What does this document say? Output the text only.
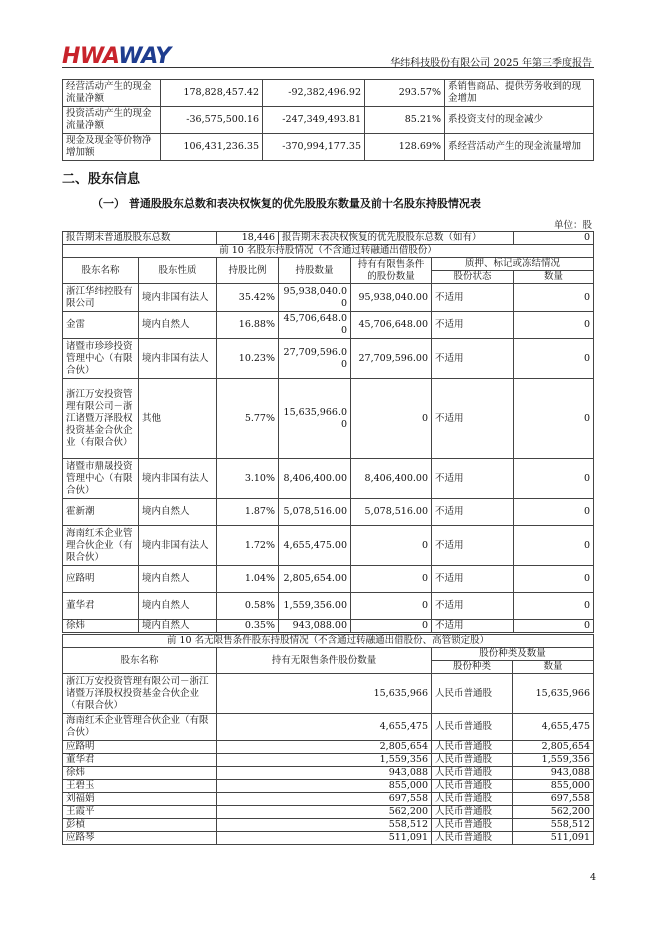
HWAWAY	华纬科技股份有限公司 2025 年第三季度报告
经营活动产生的现金流量净额	178,828,457.42	-92,382,496.92	293.57%	系销售商品、提供劳务收到的现金增加
投资活动产生的现金流量净额	-36,575,500.16	-247,349,493.81	85.21%	系投资支付的现金减少
现金及现金等价物净增加额	106,431,236.35	-370,994,177.35	128.69%	系经营活动产生的现金流量增加
二、股东信息
（一） 普通股股东总数和表决权恢复的优先股股东数量及前十名股东持股情况表
单位：股
报告期末普通股股东总数		18,446	报告期末表决权恢复的优先股股东总数（如有）			0
前 10 名股东持股情况（不含通过转融通出借股份）						
股东名称	股东性质	持股比例	持股数量	持有有限售条件的股份数量	质押、标记或冻结情况	
					股份状态	数量
浙江华纬控股有限公司	境内非国有法人	35.42%	95,938,040.00	95,938,040.00	不适用	0
金雷	境内自然人	16.88%	45,706,648.00	45,706,648.00	不适用	0
诸暨市珍珍投资管理中心（有限合伙）	境内非国有法人	10.23%	27,709,596.00	27,709,596.00	不适用	0
浙江万安投资管理有限公司－浙江诸暨万泽股权投资基金合伙企业（有限合伙）	其他	5.77%	15,635,966.00	0	不适用	0
诸暨市鼎晟投资管理中心（有限合伙）	境内非国有法人	3.10%	8,406,400.00	8,406,400.00	不适用	0
霍新潮	境内自然人	1.87%	5,078,516.00	5,078,516.00	不适用	0
海南红禾企业管理合伙企业（有限合伙）	境内非国有法人	1.72%	4,655,475.00	0	不适用	0
应路明	境内自然人	1.04%	2,805,654.00	0	不适用	0
董华君	境内自然人	0.58%	1,559,356.00	0	不适用	0
徐炜	境内自然人	0.35%	943,088.00	0	不适用	0
前 10 名无限售条件股东持股情况（不含通过转融通出借股份、高管锁定股）			
股东名称	持有无限售条件股份数量	股份种类及数量	
		股份种类	数量
浙江万安投资管理有限公司－浙江诸暨万泽股权投资基金合伙企业（有限合伙）	15,635,966	人民币普通股	15,635,966
海南红禾企业管理合伙企业（有限合伙）	4,655,475	人民币普通股	4,655,475
应路明	2,805,654	人民币普通股	2,805,654
董华君	1,559,356	人民币普通股	1,559,356
徐炜	943,088	人民币普通股	943,088
王碧玉	855,000	人民币普通股	855,000
刘福娟	697,558	人民币普通股	697,558
王霞平	562,200	人民币普通股	562,200
彭楨	558,512	人民币普通股	558,512
应路琴	511,091	人民币普通股	511,091
4
